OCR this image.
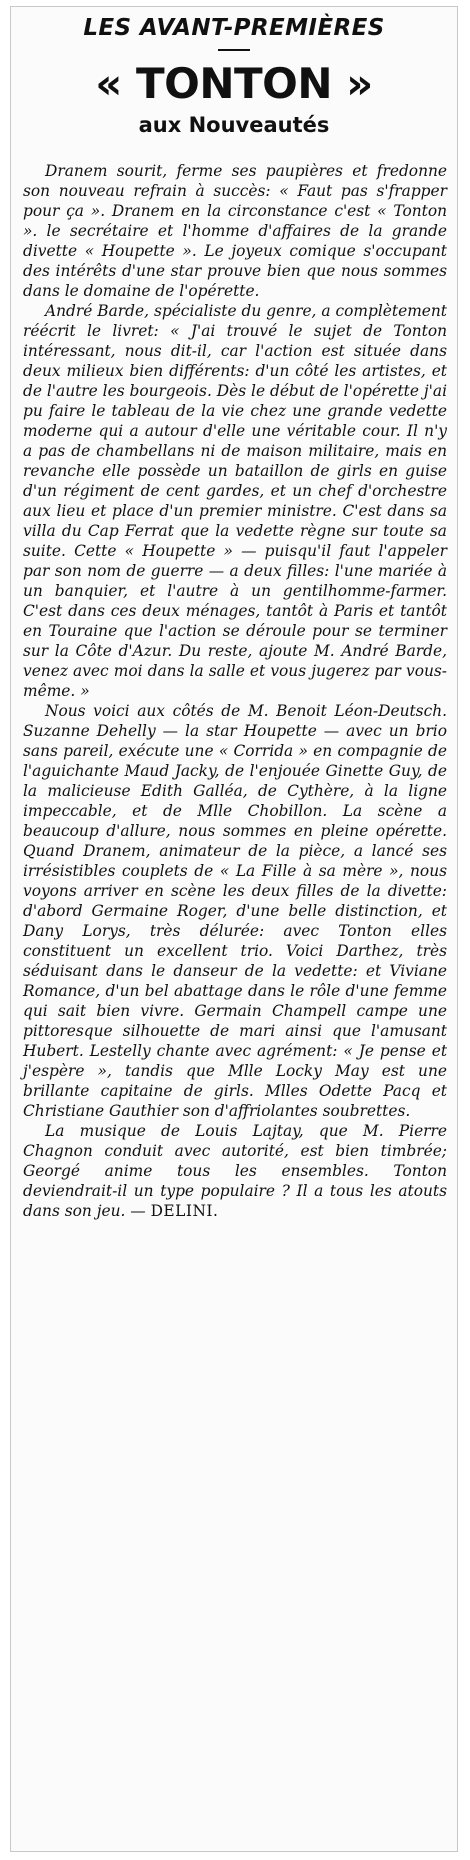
LES AVANT-PREMIÈRES
« TONTON »
aux Nouveautés

Dranem sourit, ferme ses paupières et fredonne son nouveau refrain à succès: « Faut pas s'frapper pour ça ». Dranem en la circonstance c'est « Tonton ». le secrétaire et l'homme d'affaires de la grande divette « Houpette ». Le joyeux comique s'occupant des intérêts d'une star prouve bien que nous sommes dans le domaine de l'opérette.

André Barde, spécialiste du genre, a complètement réécrit le livret: « J'ai trouvé le sujet de Tonton intéressant, nous dit-il, car l'action est située dans deux milieux bien différents: d'un côté les artistes, et de l'autre les bourgeois. Dès le début de l'opérette j'ai pu faire le tableau de la vie chez une grande vedette moderne qui a autour d'elle une véritable cour. Il n'y a pas de chambellans ni de maison militaire, mais en revanche elle possède un bataillon de girls en guise d'un régiment de cent gardes, et un chef d'orchestre aux lieu et place d'un premier ministre. C'est dans sa villa du Cap Ferrat que la vedette règne sur toute sa suite. Cette « Houpette » — puisqu'il faut l'appeler par son nom de guerre — a deux filles: l'une mariée à un banquier, et l'autre à un gentilhomme-farmer. C'est dans ces deux ménages, tantôt à Paris et tantôt en Touraine que l'action se déroule pour se terminer sur la Côte d'Azur. Du reste, ajoute M. André Barde, venez avec moi dans la salle et vous jugerez par vous-même. »

Nous voici aux côtés de M. Benoit Léon-Deutsch. Suzanne Dehelly — la star Houpette — avec un brio sans pareil, exécute une « Corrida » en compagnie de l'aguichante Maud Jacky, de l'enjouée Ginette Guy, de la malicieuse Edith Galléa, de Cythère, à la ligne impeccable, et de Mlle Chobillon. La scène a beaucoup d'allure, nous sommes en pleine opérette. Quand Dranem, animateur de la pièce, a lancé ses irrésistibles couplets de « La Fille à sa mère », nous voyons arriver en scène les deux filles de la divette: d'abord Germaine Roger, d'une belle distinction, et Dany Lorys, très délurée: avec Tonton elles constituent un excellent trio. Voici Darthez, très séduisant dans le danseur de la vedette: et Viviane Romance, d'un bel abattage dans le rôle d'une femme qui sait bien vivre. Germain Champell campe une pittoresque silhouette de mari ainsi que l'amusant Hubert. Lestelly chante avec agrément: « Je pense et j'espère », tandis que Mlle Locky May est une brillante capitaine de girls. Mlles Odette Pacq et Christiane Gauthier son d'affriolantes soubrettes.

La musique de Louis Lajtay, que M. Pierre Chagnon conduit avec autorité, est bien timbrée; Georgé anime tous les ensembles. Tonton deviendrait-il un type populaire ? Il a tous les atouts dans son jeu. — DELINI.
